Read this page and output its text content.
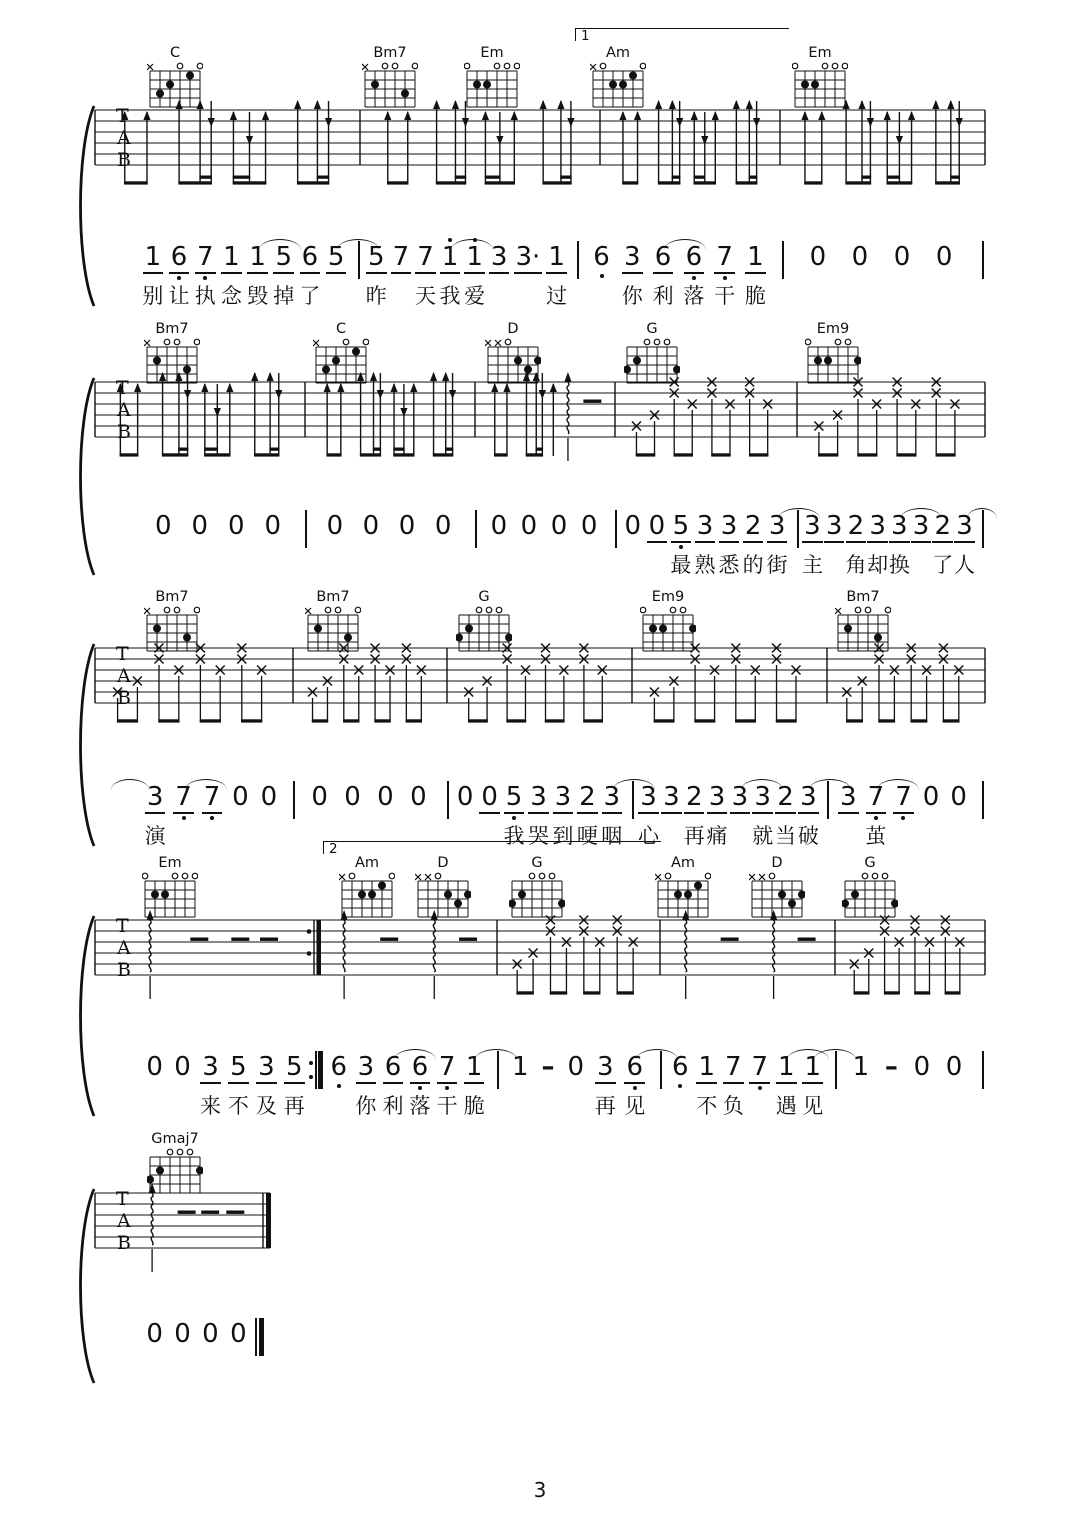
3
T
A
B
C	Bm7	Em	Am	Em
1
1
别
6
让
7
执
1
念
1
毁
5
掉
6
了
5 5
昨
7 7
天
1
我
1
爱
3 3· 1
过
6 3
你
6
利
6
落
7
干
1
脆
0 0 0 0
T
A
B
Bm7	C	D	G	Em9
0 0 0 0 0 0 0 0 0 0 0 0 0 0 5
最
3
熟
3
悉
2
的
3
街
3
主
3 2
角
3
却
3
换
3 2
了
3
人
T
A
B
Bm7	Bm7	G	Em9	Bm7
3
演
7 7 0 0 0 0 0 0 0 0 5
我
3
哭
3
到
2
哽
3
咽
3
心
3 2
再
3
痛
3 3
就
2
当
3
破
3 7
茧
7 0 0
T
A
B
Em	Am	D	G	Am	D	G
2
0 0 3
来
5
不
3
及
5
再
6 3
你
6
利
6
落
7
干
1
脆
1 – 0 3
再
6
见
6 1
不
7
负
7 1
遇
1
见
1 – 0 0
T
A
B
Gmaj7
0 0 0 0
